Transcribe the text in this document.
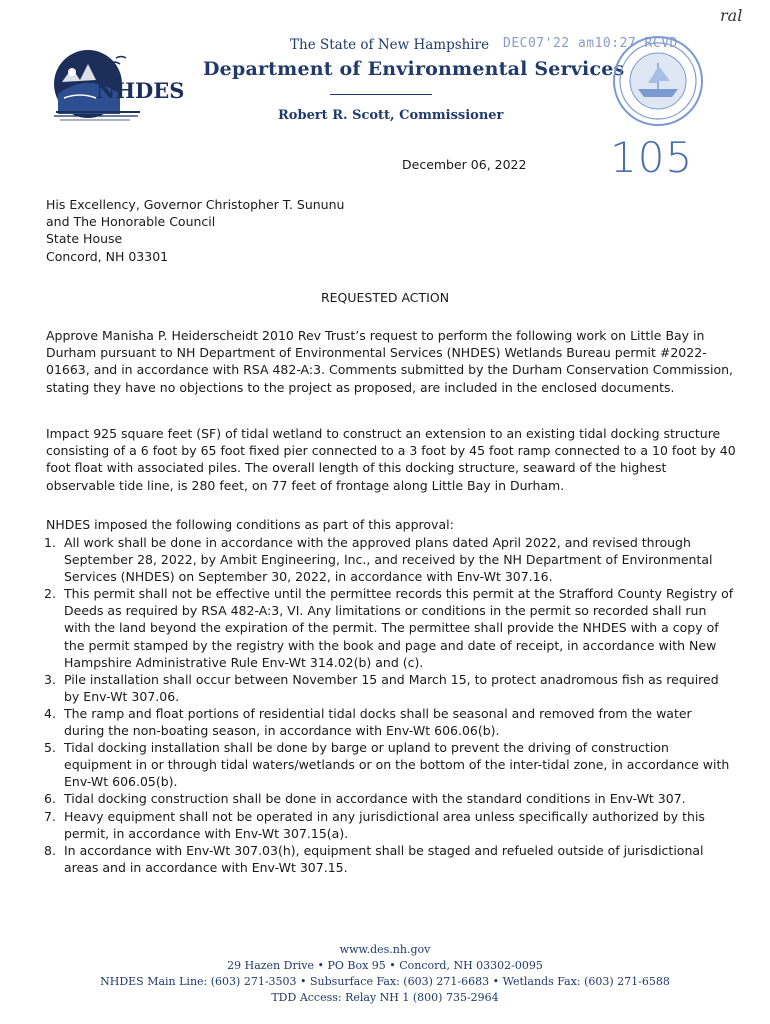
NHDES
The State of New Hampshire
Department of Environmental Services
Robert R. Scott, Commissioner
DEC07'22 am10:27 RCVD
ral
105
December 06, 2022
His Excellency, Governor Christopher T. Sununu
and The Honorable Council
State House
Concord, NH 03301
REQUESTED ACTION
Approve Manisha P. Heiderscheidt 2010 Rev Trust’s request to perform the following work on Little Bay in Durham pursuant to NH Department of Environmental Services (NHDES) Wetlands Bureau permit #2022-01663, and in accordance with RSA 482-A:3. Comments submitted by the Durham Conservation Commission, stating they have no objections to the project as proposed, are included in the enclosed documents.
Impact 925 square feet (SF) of tidal wetland to construct an extension to an existing tidal docking structure consisting of a 6 foot by 65 foot fixed pier connected to a 3 foot by 45 foot ramp connected to a 10 foot by 40 foot float with associated piles. The overall length of this docking structure, seaward of the highest observable tide line, is 280 feet, on 77 feet of frontage along Little Bay in Durham.
NHDES imposed the following conditions as part of this approval:
1. All work shall be done in accordance with the approved plans dated April 2022, and revised through September 28, 2022, by Ambit Engineering, Inc., and received by the NH Department of Environmental Services (NHDES) on September 30, 2022, in accordance with Env-Wt 307.16.
2. This permit shall not be effective until the permittee records this permit at the Strafford County Registry of Deeds as required by RSA 482-A:3, VI. Any limitations or conditions in the permit so recorded shall run with the land beyond the expiration of the permit. The permittee shall provide the NHDES with a copy of the permit stamped by the registry with the book and page and date of receipt, in accordance with New Hampshire Administrative Rule Env-Wt 314.02(b) and (c).
3. Pile installation shall occur between November 15 and March 15, to protect anadromous fish as required by Env-Wt 307.06.
4. The ramp and float portions of residential tidal docks shall be seasonal and removed from the water during the non-boating season, in accordance with Env-Wt 606.06(b).
5. Tidal docking installation shall be done by barge or upland to prevent the driving of construction equipment in or through tidal waters/wetlands or on the bottom of the inter-tidal zone, in accordance with Env-Wt 606.05(b).
6. Tidal docking construction shall be done in accordance with the standard conditions in Env-Wt 307.
7. Heavy equipment shall not be operated in any jurisdictional area unless specifically authorized by this permit, in accordance with Env-Wt 307.15(a).
8. In accordance with Env-Wt 307.03(h), equipment shall be staged and refueled outside of jurisdictional areas and in accordance with Env-Wt 307.15.
www.des.nh.gov
29 Hazen Drive • PO Box 95 • Concord, NH 03302-0095
NHDES Main Line: (603) 271-3503 • Subsurface Fax: (603) 271-6683 • Wetlands Fax: (603) 271-6588
TDD Access: Relay NH 1 (800) 735-2964
